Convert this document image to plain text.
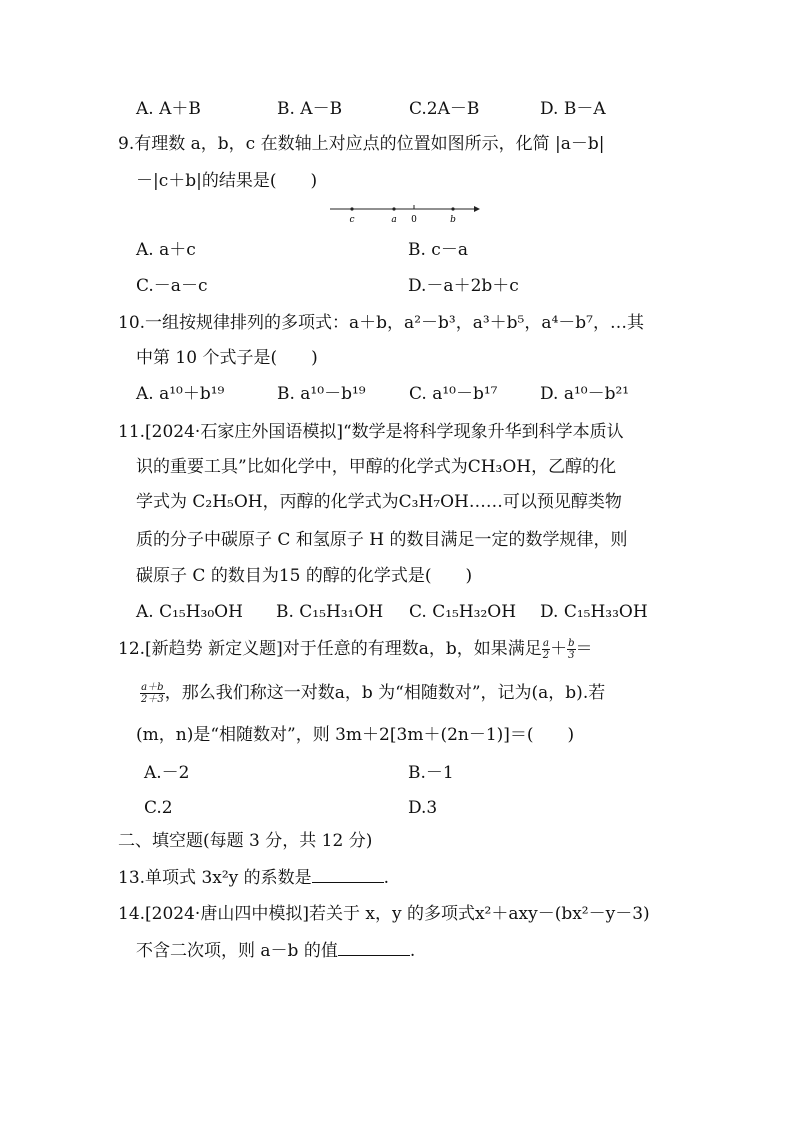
A. A＋B	B. A－B	C.2A－B	D. B－A
9.有理数 a，b，c 在数轴上对应点的位置如图所示，化简 |a－b|
－|c＋b|的结果是(　　)
c	a 0	b
A. a＋c	B. c－a
C.－a－c	D.－a＋2b＋c
10.一组按规律排列的多项式：a＋b，a²－b³，a³＋b⁵，a⁴－b⁷，…其
中第 10 个式子是(　　)
A. a¹⁰＋b¹⁹	B. a¹⁰－b¹⁹	C. a¹⁰－b¹⁷	D. a¹⁰－b²¹
11.[2024·石家庄外国语模拟]“数学是将科学现象升华到科学本质认
识的重要工具”比如化学中，甲醇的化学式为CH₃OH，乙醇的化
学式为 C₂H₅OH，丙醇的化学式为C₃H₇OH……可以预见醇类物
质的分子中碳原子 C 和氢原子 H 的数目满足一定的数学规律，则
碳原子 C 的数目为15 的醇的化学式是(　　)
A. C₁₅H₃₀OH B. C₁₅H₃₁OH C. C₁₅H₃₂OH D. C₁₅H₃₃OH
12.[新趋势 新定义题]对于任意的有理数a，b，如果满足 $\frac{a}{2} + \frac{b}{3}$ ＝
$\frac{a+b}{2+3}$ ，那么我们称这一对数a，b 为“相随数对”，记为(a，b).若
(m，n)是“相随数对”，则 3m＋2[3m＋(2n－1)]＝(　　)
A.－2	B.－1
C.2	D.3
二、填空题(每题 3 分，共 12 分)
13.单项式 3x²y 的系数是	.
14.[2024·唐山四中模拟]若关于 x，y 的多项式x²＋axy－(bx²－y－3)
不含二次项，则 a－b 的值	.
